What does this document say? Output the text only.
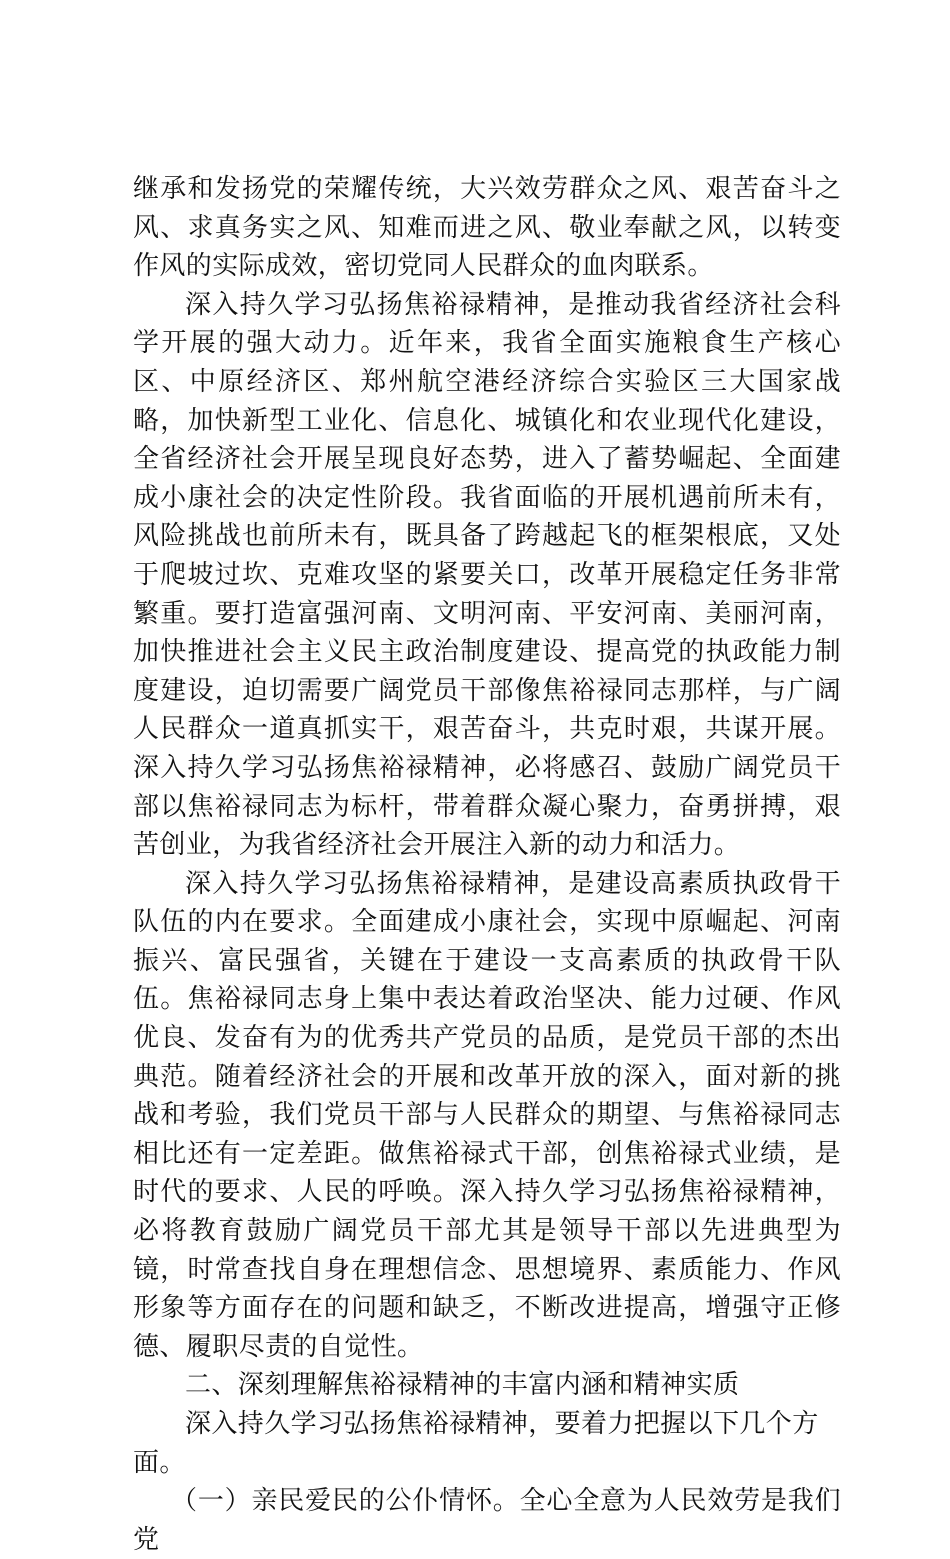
继承和发扬党的荣耀传统，大兴效劳群众之风、艰苦奋斗之风、求真务实之风、知难而进之风、敬业奉献之风，以转变作风的实际成效，密切党同人民群众的血肉联系。

深入持久学习弘扬焦裕禄精神，是推动我省经济社会科学开展的强大动力。近年来，我省全面实施粮食生产核心区、中原经济区、郑州航空港经济综合实验区三大国家战略，加快新型工业化、信息化、城镇化和农业现代化建设，全省经济社会开展呈现良好态势，进入了蓄势崛起、全面建成小康社会的决定性阶段。我省面临的开展机遇前所未有，风险挑战也前所未有，既具备了跨越起飞的框架根底，又处于爬坡过坎、克难攻坚的紧要关口，改革开展稳定任务非常繁重。要打造富强河南、文明河南、平安河南、美丽河南，加快推进社会主义民主政治制度建设、提高党的执政能力制度建设，迫切需要广阔党员干部像焦裕禄同志那样，与广阔人民群众一道真抓实干，艰苦奋斗，共克时艰，共谋开展。深入持久学习弘扬焦裕禄精神，必将感召、鼓励广阔党员干部以焦裕禄同志为标杆，带着群众凝心聚力，奋勇拼搏，艰苦创业，为我省经济社会开展注入新的动力和活力。

深入持久学习弘扬焦裕禄精神，是建设高素质执政骨干队伍的内在要求。全面建成小康社会，实现中原崛起、河南振兴、富民强省，关键在于建设一支高素质的执政骨干队伍。焦裕禄同志身上集中表达着政治坚决、能力过硬、作风优良、发奋有为的优秀共产党员的品质，是党员干部的杰出典范。随着经济社会的开展和改革开放的深入，面对新的挑战和考验，我们党员干部与人民群众的期望、与焦裕禄同志相比还有一定差距。做焦裕禄式干部，创焦裕禄式业绩，是时代的要求、人民的呼唤。深入持久学习弘扬焦裕禄精神，必将教育鼓励广阔党员干部尤其是领导干部以先进典型为镜，时常查找自身在理想信念、思想境界、素质能力、作风形象等方面存在的问题和缺乏，不断改进提高，增强守正修德、履职尽责的自觉性。

二、深刻理解焦裕禄精神的丰富内涵和精神实质

深入持久学习弘扬焦裕禄精神，要着力把握以下几个方面。

（一）亲民爱民的公仆情怀。全心全意为人民效劳是我们党
